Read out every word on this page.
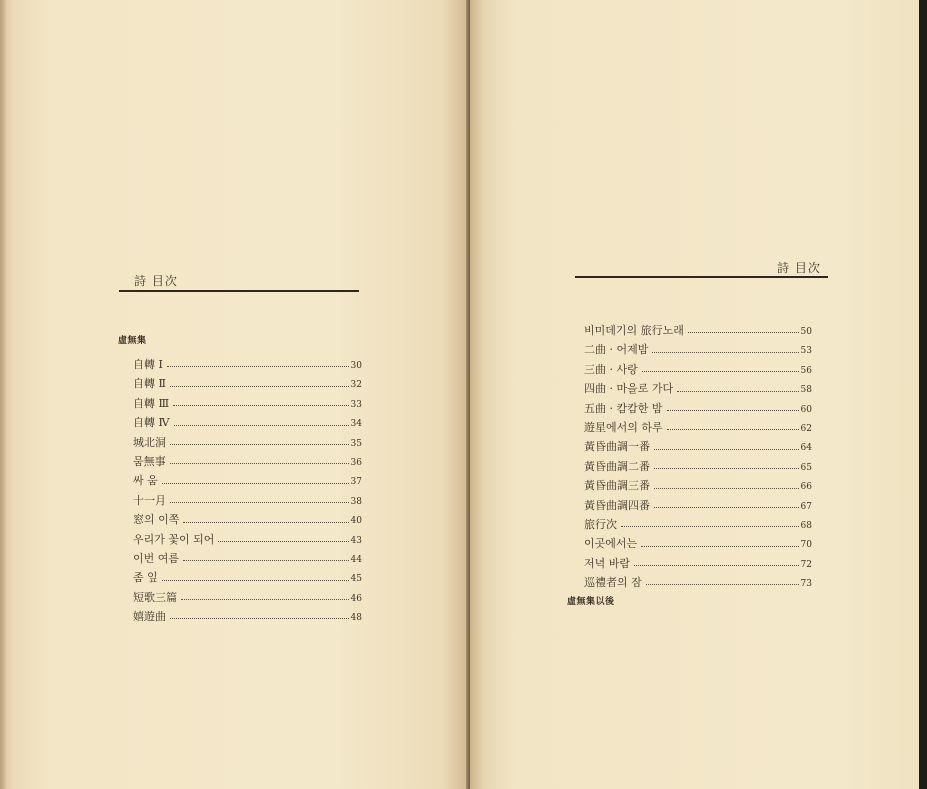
詩 目次
虛無集
自轉 Ⅰ	30
自轉 Ⅱ	32
自轉 Ⅲ	33
自轉 Ⅳ	34
城北洞	35
뭄無事	36
싸 움	37
十一月	38
窓의 이쪽	40
우리가 꽃이 되어	43
이번 여름	44
좀 잎	45
短歌三篇	46
嬉遊曲	48
詩 目次
비미데기의 旅行노래	50
二曲 · 어제밤	53
三曲 · 사랑	56
四曲 · 마을로 가다	58
五曲 · 캄캄한 밤	60
遊星에서의 하루	62
黃昏曲調一番	64
黃昏曲調二番	65
黃昏曲調三番	66
黃昏曲調四番	67
旅行次	68
이곳에서는	70
저녁 바람	72
巡禮者의 잠	73
虛無集以後
